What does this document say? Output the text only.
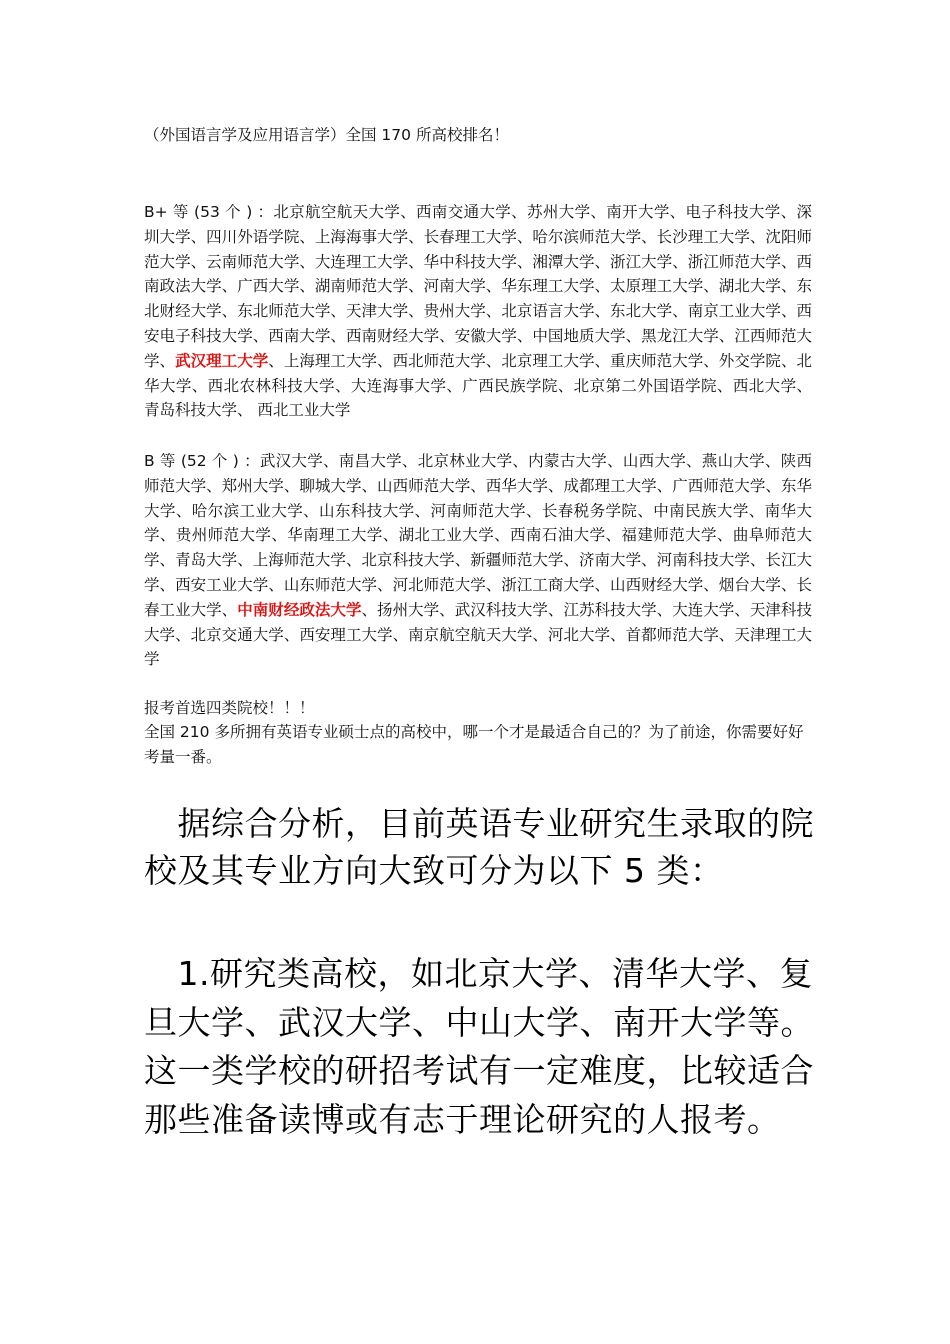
（外国语言学及应用语言学）全国 170 所高校排名！
B+ 等 (53 个 ) ：北京航空航天大学、西南交通大学、苏州大学、南开大学、电子科技大学、深圳大学、四川外语学院、上海海事大学、长春理工大学、哈尔滨师范大学、长沙理工大学、沈阳师范大学、云南师范大学、大连理工大学、华中科技大学、湘潭大学、浙江大学、浙江师范大学、西南政法大学、广西大学、湖南师范大学、河南大学、华东理工大学、太原理工大学、湖北大学、东北财经大学、东北师范大学、天津大学、贵州大学、北京语言大学、东北大学、南京工业大学、西安电子科技大学、西南大学、西南财经大学、安徽大学、中国地质大学、黑龙江大学、江西师范大学、武汉理工大学、上海理工大学、西北师范大学、北京理工大学、重庆师范大学、外交学院、北华大学、西北农林科技大学、大连海事大学、广西民族学院、北京第二外国语学院、西北大学、 青岛科技大学、 西北工业大学
B 等 (52 个 ) ：武汉大学、南昌大学、北京林业大学、内蒙古大学、山西大学、燕山大学、陕西师范大学、郑州大学、聊城大学、山西师范大学、西华大学、成都理工大学、广西师范大学、东华大学、哈尔滨工业大学、山东科技大学、河南师范大学、长春税务学院、中南民族大学、南华大学、贵州师范大学、华南理工大学、湖北工业大学、西南石油大学、福建师范大学、曲阜师范大学、青岛大学、上海师范大学、北京科技大学、新疆师范大学、济南大学、河南科技大学、长江大学、西安工业大学、山东师范大学、河北师范大学、浙江工商大学、山西财经大学、烟台大学、长春工业大学、中南财经政法大学、扬州大学、武汉科技大学、江苏科技大学、大连大学、天津科技大学、北京交通大学、西安理工大学、南京航空航天大学、河北大学、首都师范大学、天津理工大学
报考首选四类院校！！！
全国 210 多所拥有英语专业硕士点的高校中，哪一个才是最适合自己的？为了前途，你需要好好考量一番。
 据综合分析，目前英语专业研究生录取的院校及其专业方向大致可分为以下 5 类：
 1.研究类高校，如北京大学、清华大学、复旦大学、武汉大学、中山大学、南开大学等。这一类学校的研招考试有一定难度，比较适合那些准备读博或有志于理论研究的人报考。
